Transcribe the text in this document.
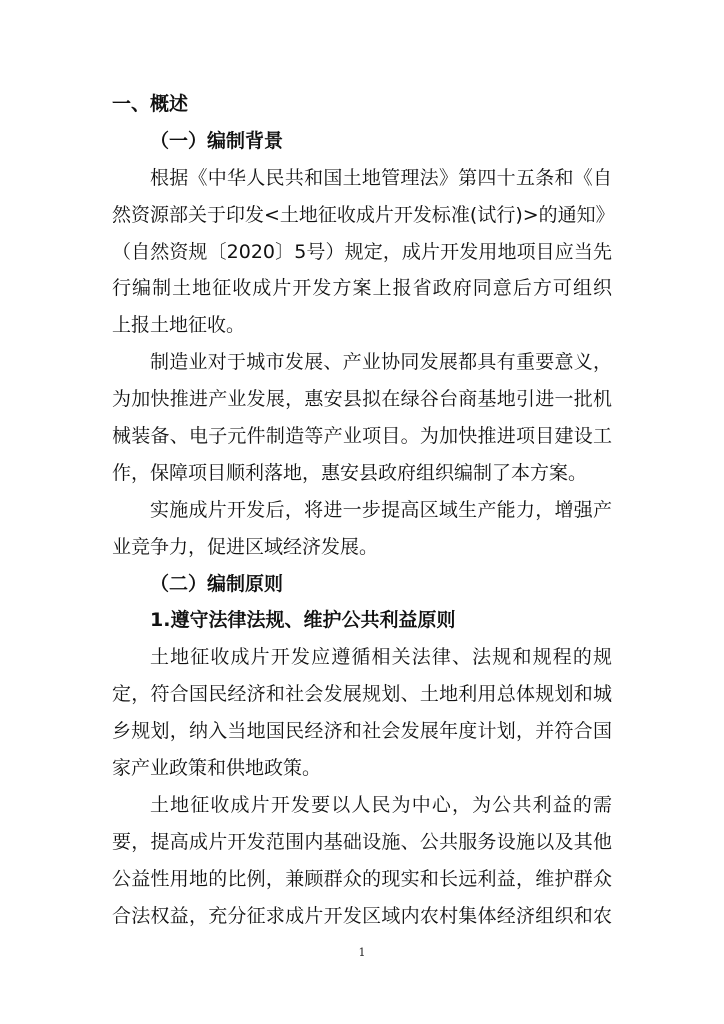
一、概述
（一）编制背景
根据《中华人民共和国土地管理法》第四十五条和《自
然资源部关于印发<土地征收成片开发标准(试行)>的通知》
（自然资规〔2020〕5号）规定，成片开发用地项目应当先
行编制土地征收成片开发方案上报省政府同意后方可组织
上报土地征收。
制造业对于城市发展、产业协同发展都具有重要意义，
为加快推进产业发展，惠安县拟在绿谷台商基地引进一批机
械装备、电子元件制造等产业项目。为加快推进项目建设工
作，保障项目顺利落地，惠安县政府组织编制了本方案。
实施成片开发后，将进一步提高区域生产能力，增强产
业竞争力，促进区域经济发展。
（二）编制原则
1.遵守法律法规、维护公共利益原则
土地征收成片开发应遵循相关法律、法规和规程的规
定，符合国民经济和社会发展规划、土地利用总体规划和城
乡规划，纳入当地国民经济和社会发展年度计划，并符合国
家产业政策和供地政策。
土地征收成片开发要以人民为中心，为公共利益的需
要，提高成片开发范围内基础设施、公共服务设施以及其他
公益性用地的比例，兼顾群众的现实和长远利益，维护群众
合法权益，充分征求成片开发区域内农村集体经济组织和农
1
